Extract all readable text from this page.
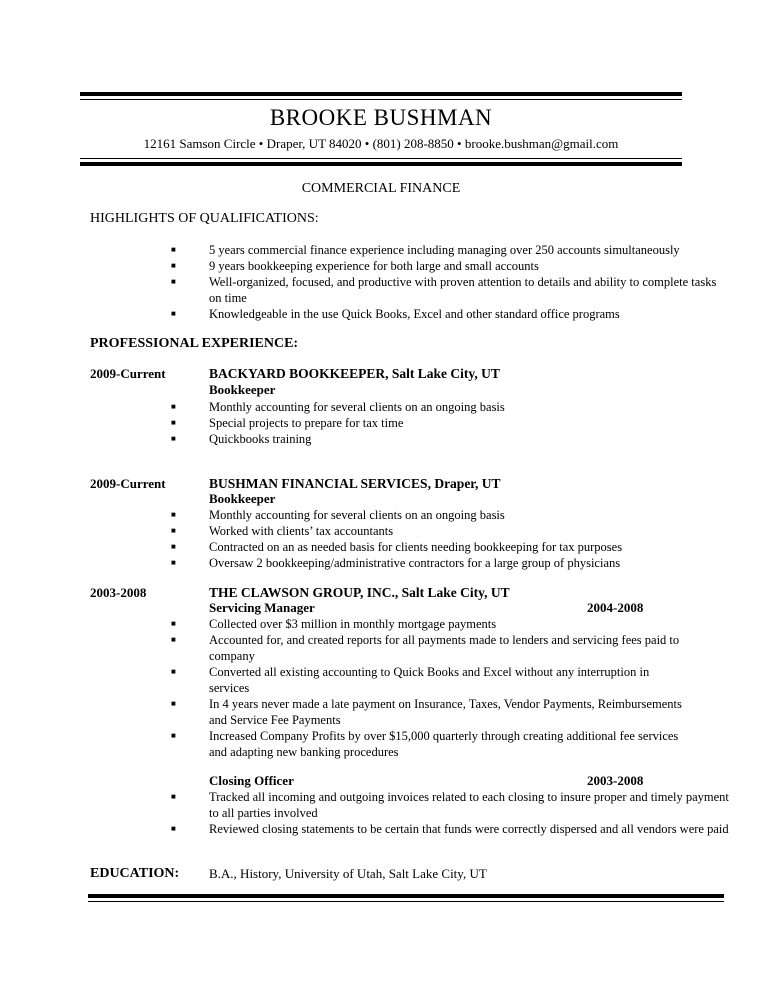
BROOKE BUSHMAN
12161 Samson Circle • Draper, UT 84020 • (801) 208-8850 • brooke.bushman@gmail.com
COMMERCIAL FINANCE
HIGHLIGHTS OF QUALIFICATIONS:
■	5 years commercial finance experience including managing over 250 accounts simultaneously
■	9 years bookkeeping experience for both large and small accounts
■	Well-organized, focused, and productive with proven attention to details and ability to complete tasks on time
■	Knowledgeable in the use Quick Books, Excel and other standard office programs
PROFESSIONAL EXPERIENCE:
2009-Current	BACKYARD BOOKKEEPER, Salt Lake City, UT
Bookkeeper
■	Monthly accounting for several clients on an ongoing basis
■	Special projects to prepare for tax time
■	Quickbooks training
2009-Current	BUSHMAN FINANCIAL SERVICES, Draper, UT
Bookkeeper
■	Monthly accounting for several clients on an ongoing basis
■	Worked with clients’ tax accountants
■	Contracted on an as needed basis for clients needing bookkeeping for tax purposes
■	Oversaw 2 bookkeeping/administrative contractors for a large group of physicians
2003-2008	THE CLAWSON GROUP, INC., Salt Lake City, UT
Servicing Manager	2004-2008
■	Collected over $3 million in monthly mortgage payments
■	Accounted for, and created reports for all payments made to lenders and servicing fees paid to company
■	Converted all existing accounting to Quick Books and Excel without any interruption in services
■	In 4 years never made a late payment on Insurance, Taxes, Vendor Payments, Reimbursements and Service Fee Payments
■	Increased Company Profits by over $15,000 quarterly through creating additional fee services and adapting new banking procedures
Closing Officer	2003-2008
■	Tracked all incoming and outgoing invoices related to each closing to insure proper and timely payment to all parties involved
■	Reviewed closing statements to be certain that funds were correctly dispersed and all vendors were paid
EDUCATION: B.A., History, University of Utah, Salt Lake City, UT
